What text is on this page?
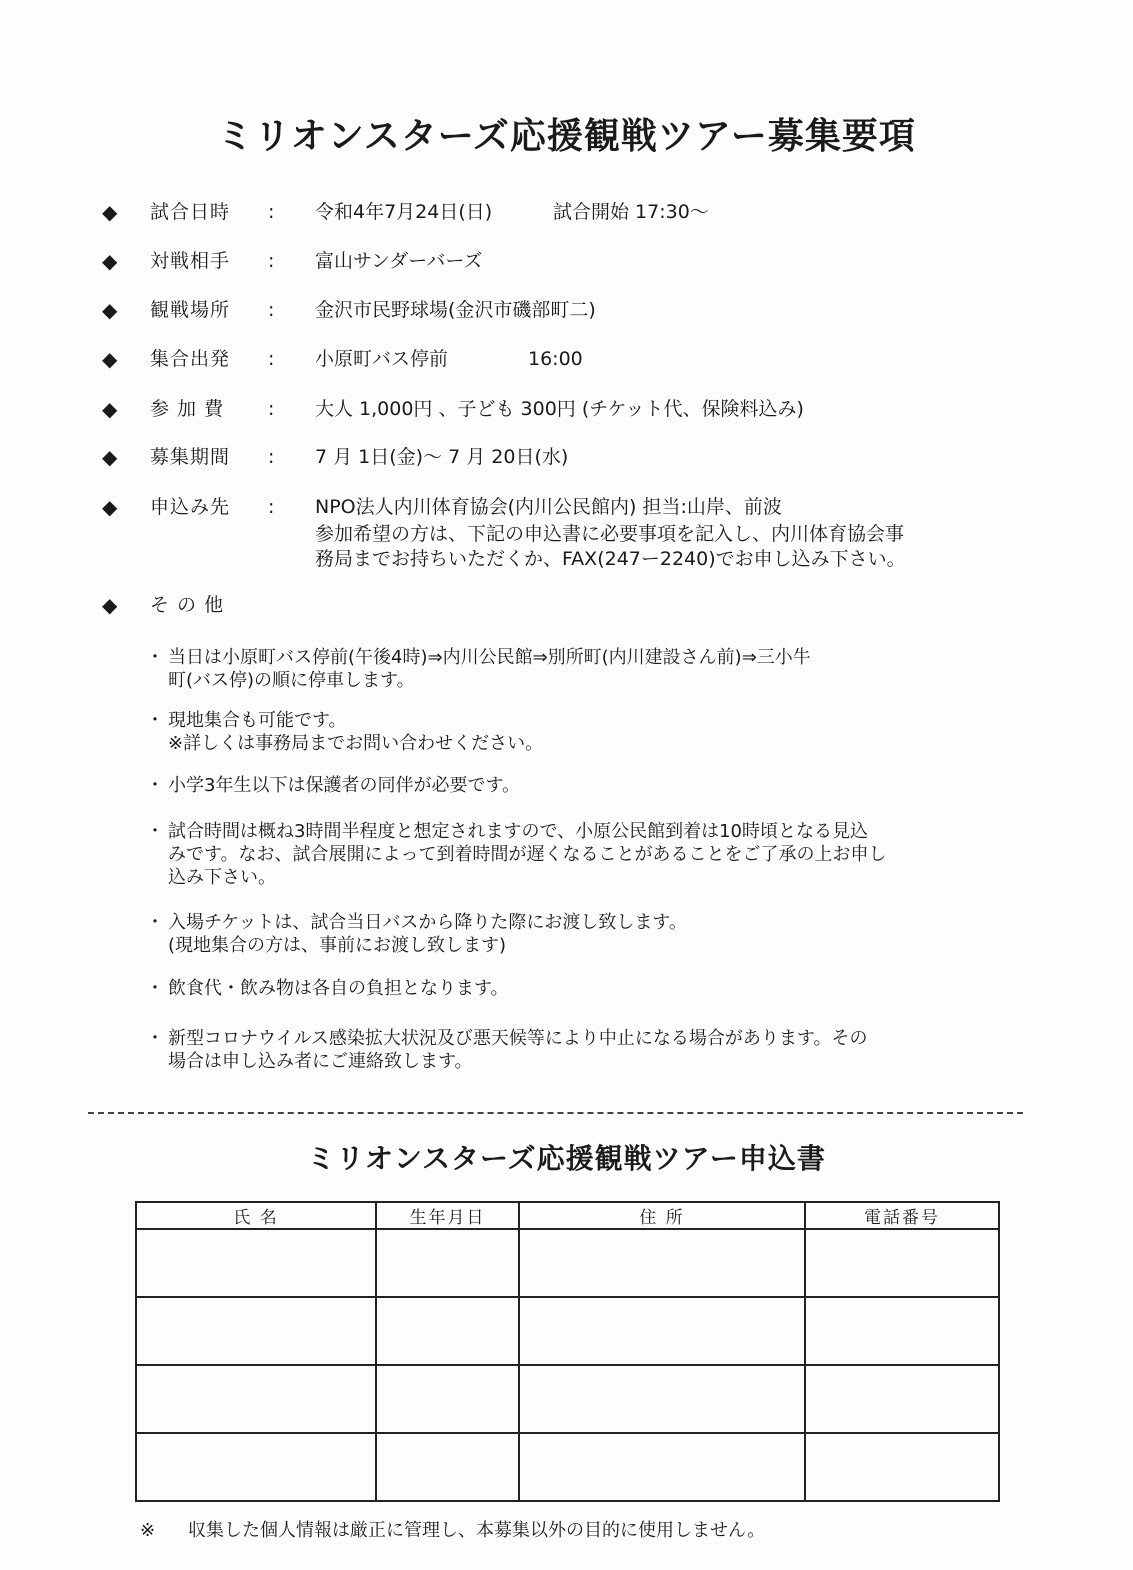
ミリオンスターズ応援観戦ツアー募集要項
◆ 試合日時 : 令和4年7月24日(日)	試合開始 17:30～
◆ 対戦相手 : 富山サンダーバーズ
◆ 観戦場所 : 金沢市民野球場(金沢市磯部町二)
◆ 集合出発 : 小原町バス停前	16:00
◆ 参 加 費 : 大人 1,000円 、子ども 300円 (チケット代、保険料込み)
◆ 募集期間 : 7 月 1日(金)～ 7 月 20日(水)
◆ 申込み先 : NPO法人内川体育協会(内川公民館内) 担当:山岸、前波
参加希望の方は、下記の申込書に必要事項を記入し、内川体育協会事
務局までお持ちいただくか、FAX(247ー2240)でお申し込み下さい。
◆ そ の 他
・ 当日は小原町バス停前(午後4時)⇒内川公民館⇒別所町(内川建設さん前)⇒三小牛
町(バス停)の順に停車します。
・ 現地集合も可能です。
※詳しくは事務局までお問い合わせください。
・ 小学3年生以下は保護者の同伴が必要です。
・ 試合時間は概ね3時間半程度と想定されますので、小原公民館到着は10時頃となる見込
みです。なお、試合展開によって到着時間が遅くなることがあることをご了承の上お申し
込み下さい。
・ 入場チケットは、試合当日バスから降りた際にお渡し致します。
(現地集合の方は、事前にお渡し致します)
・ 飲食代・飲み物は各自の負担となります。
・ 新型コロナウイルス感染拡大状況及び悪天候等により中止になる場合があります。その
場合は申し込み者にご連絡致します。
ミリオンスターズ応援観戦ツアー申込書
氏 名	生年月日	住 所	電話番号

※ 収集した個人情報は厳正に管理し、本募集以外の目的に使用しません。
